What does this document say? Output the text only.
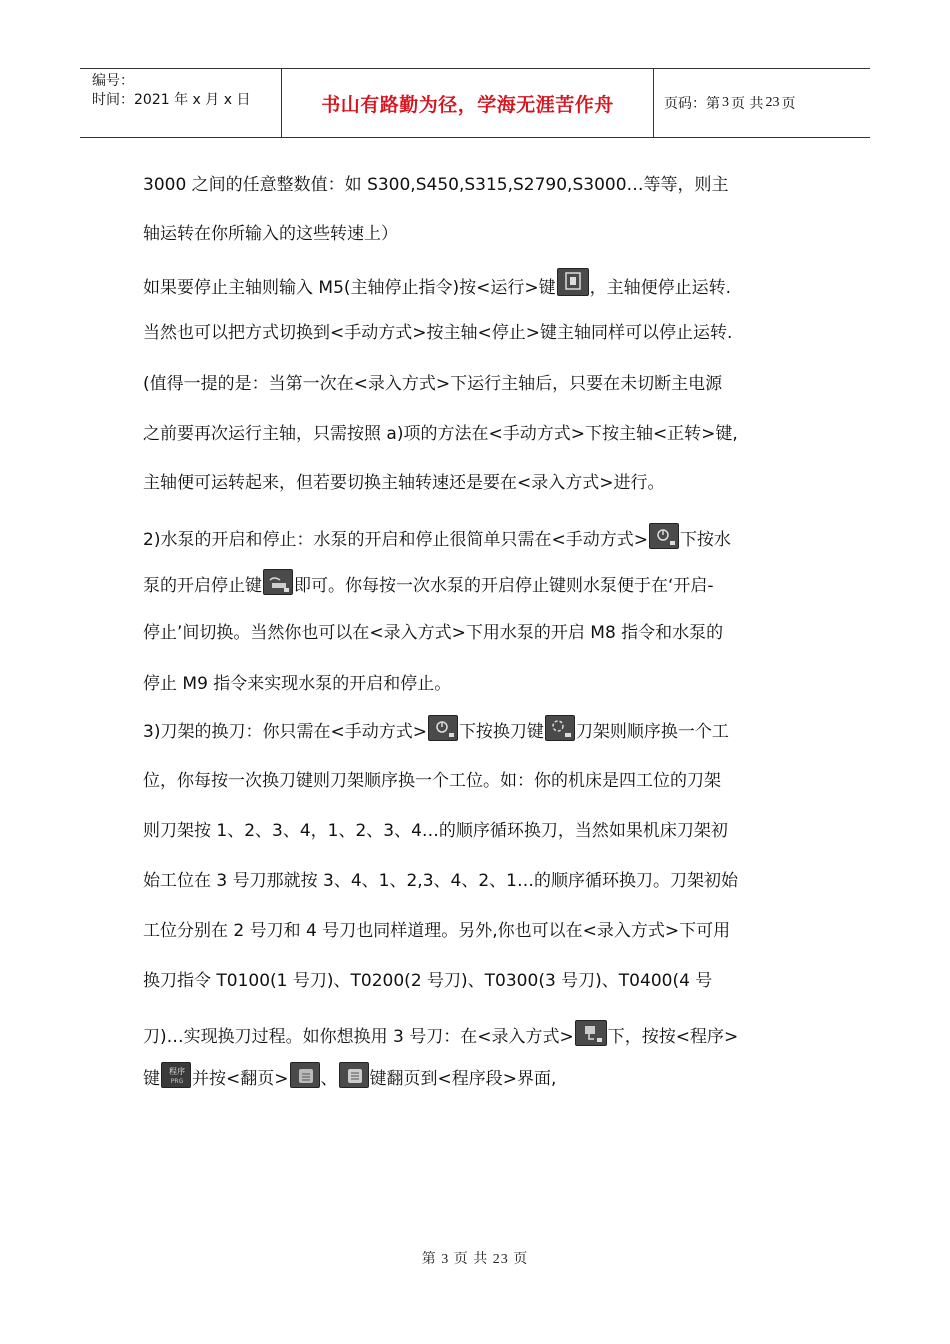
编号：
时间：2021 年 x 月 x 日	书山有路勤为径，学海无涯苦作舟	页码：第 3 页 共 23 页
3000 之间的任意整数值：如 S300,S450,S315,S2790,S3000…等等，则主
轴运转在你所输入的这些转速上）
如果要停止主轴则输入 M5(主轴停止指令)按<运行>键 ，主轴便停止运转.
当然也可以把方式切换到<手动方式>按主轴<停止>键主轴同样可以停止运转.
(值得一提的是：当第一次在<录入方式>下运行主轴后，只要在未切断主电源
之前要再次运行主轴，只需按照 a)项的方法在<手动方式>下按主轴<正转>键,
主轴便可运转起来，但若要切换主轴转速还是要在<录入方式>进行。
2)水泵的开启和停止：水泵的开启和停止很简单只需在<手动方式> 下按水
泵的开启停止键 即可。你每按一次水泵的开启停止键则水泵便于在‘开启-
停止’间切换。当然你也可以在<录入方式>下用水泵的开启 M8 指令和水泵的
停止 M9 指令来实现水泵的开启和停止。
3)刀架的换刀：你只需在<手动方式> 下按换刀键 刀架则顺序换一个工
位，你每按一次换刀键则刀架顺序换一个工位。如：你的机床是四工位的刀架
则刀架按 1、2、3、4，1、2、3、4…的顺序循环换刀，当然如果机床刀架初
始工位在 3 号刀那就按 3、4、1、2,3、4、2、1…的顺序循环换刀。刀架初始
工位分别在 2 号刀和 4 号刀也同样道理。另外,你也可以在<录入方式>下可用
换刀指令 T0100(1 号刀)、T0200(2 号刀)、T0300(3 号刀)、T0400(4 号
刀)…实现换刀过程。如你想换用 3 号刀：在<录入方式> 下，按按<程序>
键 程序
PRG 并按<翻页> 、 键翻页到<程序段>界面,
第 3 页 共 23 页
